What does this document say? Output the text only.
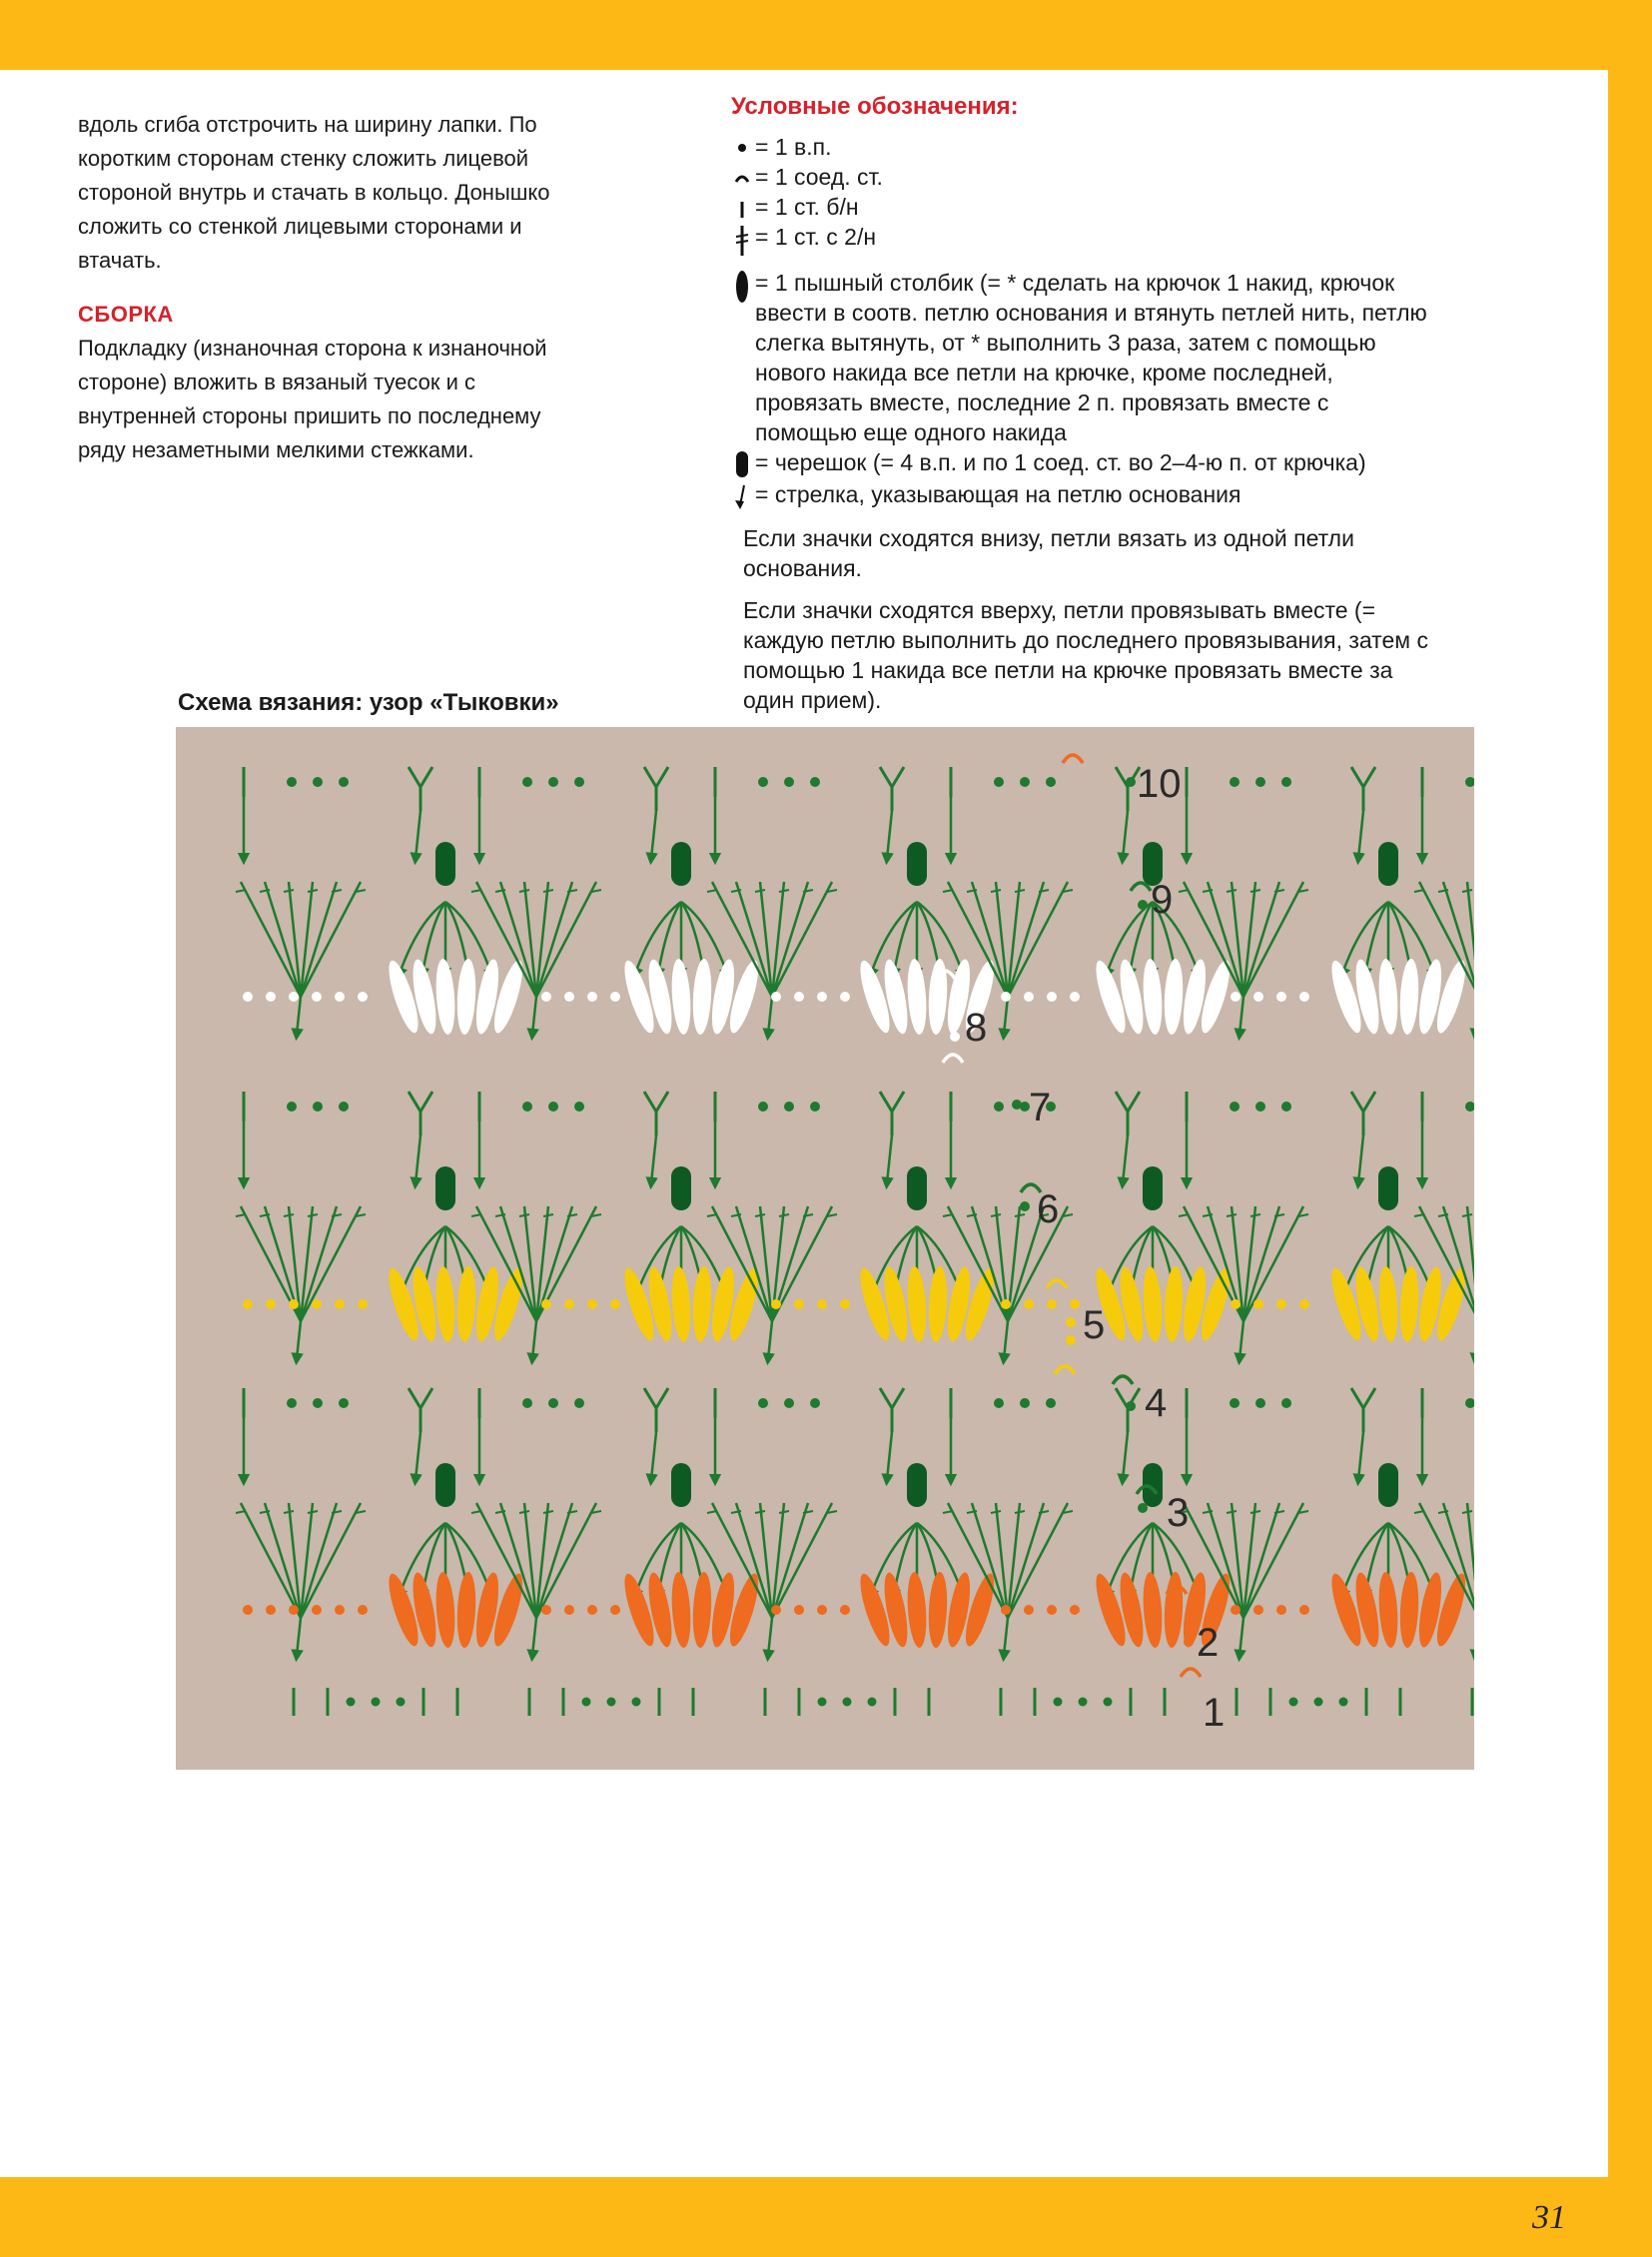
вдоль сгиба отстрочить на ширину лапки. По коротким сторонам стенку сложить лицевой стороной внутрь и стачать в кольцо. Донышко сложить со стенкой лицевыми сторонами и втачать.

СБОРКА

Подкладку (изнаночная сторона к изнаночной стороне) вложить в вязаный туесок и с внутренней стороны пришить по последнему ряду незаметными мелкими стежками.

Условные обозначения:
= 1 в.п.
= 1 соед. ст.
= 1 ст. б/н
= 1 ст. с 2/н
= 1 пышный столбик (= * сделать на крючок 1 накид, крючок ввести в соотв. петлю основания и втянуть петлей нить, петлю слегка вытянуть, от * выполнить 3 раза, затем с помощью нового накида все петли на крючке, кроме последней, провязать вместе, последние 2 п. провязать вместе с помощью еще одного накида
= черешок (= 4 в.п. и по 1 соед. ст. во 2–4-ю п. от крючка)
= стрелка, указывающая на петлю основания
Если значки сходятся внизу, петли вязать из одной петли основания.
Если значки сходятся вверху, петли провязывать вместе (= каждую петлю выполнить до последнего провязывания, затем с помощью 1 накида все петли на крючке провязать вместе за один прием).
Схема вязания: узор «Тыковки»
1
2
3
4
5
6
7
8
9
10
31
